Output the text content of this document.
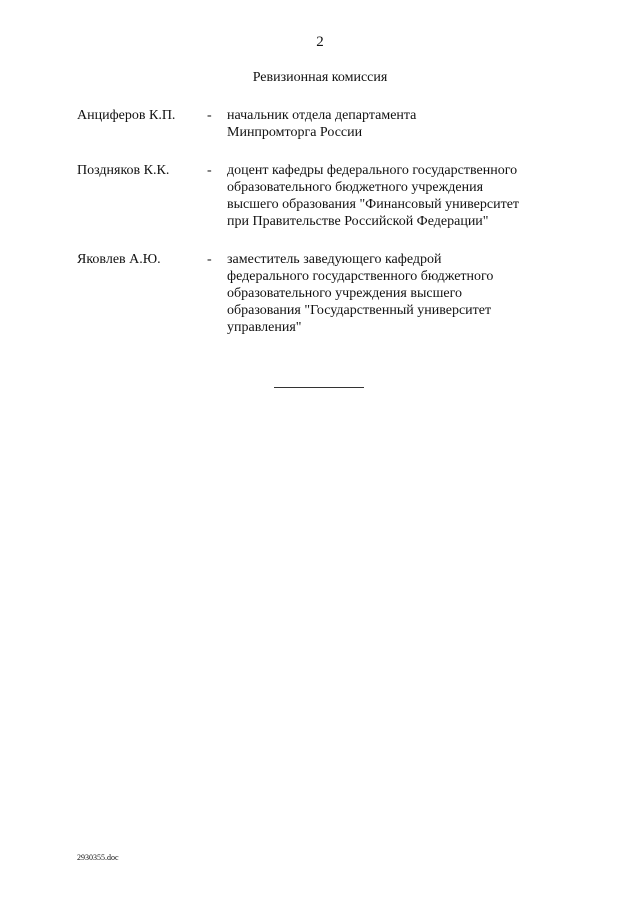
2
Ревизионная комиссия
Анциферов К.П. - начальник отдела департамента
Минпромторга России
Поздняков К.К.	- доцент кафедры федерального государственного
образовательного бюджетного учреждения
высшего образования "Финансовый университет
при Правительстве Российской Федерации"
Яковлев А.Ю.	- заместитель заведующего кафедрой
федерального государственного бюджетного
образовательного учреждения высшего
образования "Государственный университет
управления"
2930355.doc
